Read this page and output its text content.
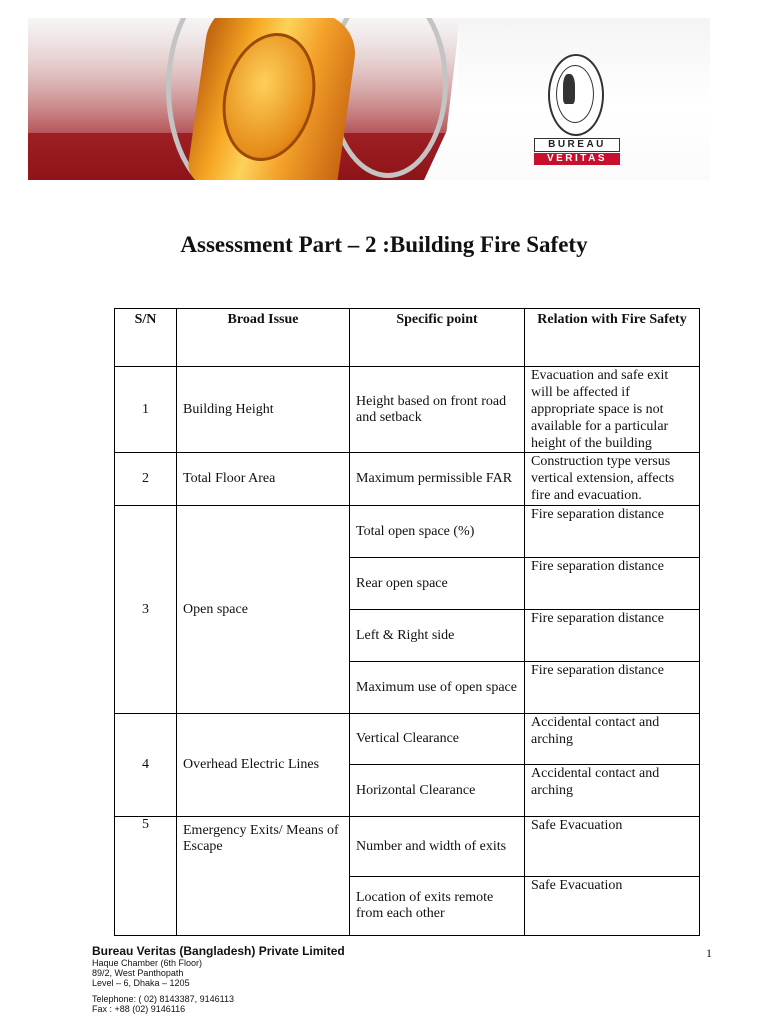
BUREAU
VERITAS
Assessment Part – 2 :Building Fire Safety
S/N	Broad Issue	Specific point	Relation with Fire Safety
1	Building Height	Height based on front road and setback	Evacuation and safe exit will be affected if appropriate space is not available for a particular height of the building
2	Total Floor Area	Maximum permissible FAR	Construction type versus vertical extension, affects fire and evacuation.
3	Open space	Total open space (%)	Fire separation distance
		Rear open space	Fire separation distance
		Left & Right side	Fire separation distance
		Maximum use of open space	Fire separation distance
4	Overhead Electric Lines	Vertical Clearance	Accidental contact and arching
		Horizontal Clearance	Accidental contact and arching
5	Emergency Exits/ Means of Escape	Number and width of exits	Safe Evacuation
		Location of exits remote from each other	Safe Evacuation
Bureau Veritas (Bangladesh) Private Limited
Haque Chamber (6th Floor)
89/2, West Panthopath
Level – 6, Dhaka – 1205
Telephone: ( 02) 8143387, 9146113
Fax : +88 (02) 9146116
1
